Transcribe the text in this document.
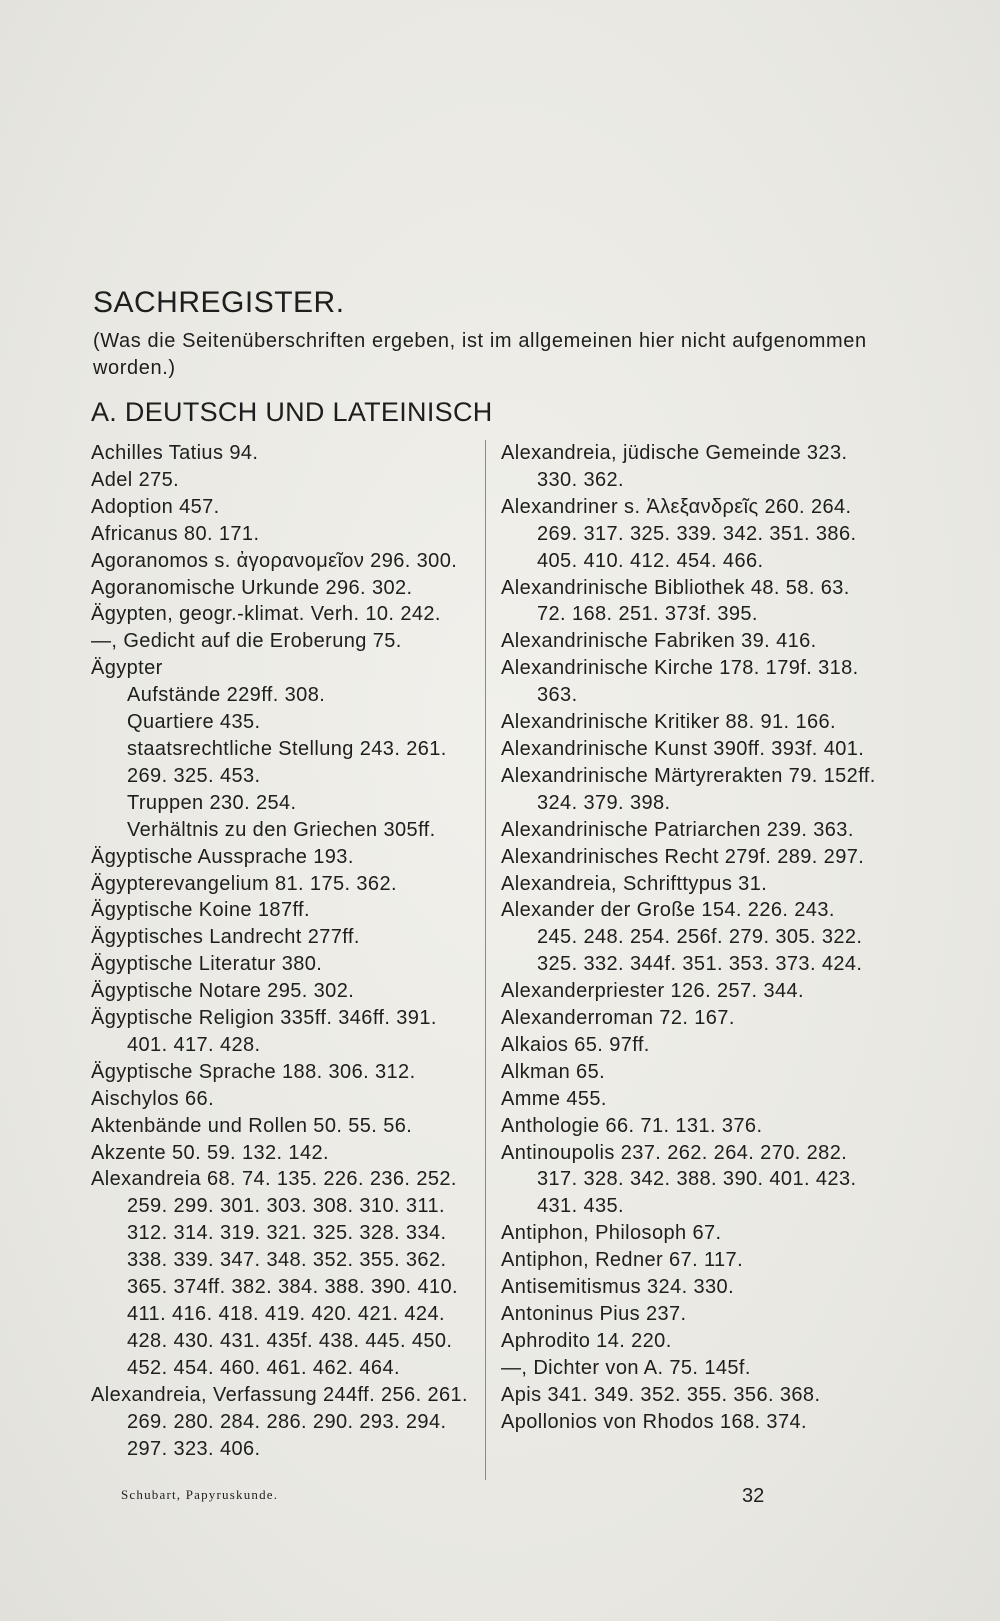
SACHREGISTER.

(Was die Seitenüberschriften ergeben, ist im allgemeinen hier nicht aufgenommen worden.)

A. DEUTSCH UND LATEINISCH
Achilles Tatius 94.
Adel 275.
Adoption 457.
Africanus 80. 171.
Agoranomos s. ἀγορανομεῖον 296. 300.
Agoranomische Urkunde 296. 302.
Ägypten, geogr.-klimat. Verh. 10. 242.
—, Gedicht auf die Eroberung 75.
Ägypter
Aufstände 229ff. 308.
Quartiere 435.
staatsrechtliche Stellung 243. 261.
269. 325. 453.
Truppen 230. 254.
Verhältnis zu den Griechen 305ff.
Ägyptische Aussprache 193.
Ägypterevangelium 81. 175. 362.
Ägyptische Koine 187ff.
Ägyptisches Landrecht 277ff.
Ägyptische Literatur 380.
Ägyptische Notare 295. 302.
Ägyptische Religion 335ff. 346ff. 391. 401. 417. 428.
Ägyptische Sprache 188. 306. 312.
Aischylos 66.
Aktenbände und Rollen 50. 55. 56.
Akzente 50. 59. 132. 142.
Alexandreia 68. 74. 135. 226. 236. 252. 259. 299. 301. 303. 308. 310. 311. 312. 314. 319. 321. 325. 328. 334. 338. 339. 347. 348. 352. 355. 362. 365. 374ff. 382. 384. 388. 390. 410. 411. 416. 418. 419. 420. 421. 424. 428. 430. 431. 435f. 438. 445. 450. 452. 454. 460. 461. 462. 464.
Alexandreia, Verfassung 244ff. 256. 261. 269. 280. 284. 286. 290. 293. 294. 297. 323. 406.
Alexandreia, jüdische Gemeinde 323. 330. 362.
Alexandriner s. Ἀλεξανδρεῖς 260. 264. 269. 317. 325. 339. 342. 351. 386. 405. 410. 412. 454. 466.
Alexandrinische Bibliothek 48. 58. 63. 72. 168. 251. 373f. 395.
Alexandrinische Fabriken 39. 416.
Alexandrinische Kirche 178. 179f. 318. 363.
Alexandrinische Kritiker 88. 91. 166.
Alexandrinische Kunst 390ff. 393f. 401.
Alexandrinische Märtyrerakten 79. 152ff. 324. 379. 398.
Alexandrinische Patriarchen 239. 363.
Alexandrinisches Recht 279f. 289. 297.
Alexandreia, Schrifttypus 31.
Alexander der Große 154. 226. 243. 245. 248. 254. 256f. 279. 305. 322. 325. 332. 344f. 351. 353. 373. 424.
Alexanderpriester 126. 257. 344.
Alexanderroman 72. 167.
Alkaios 65. 97ff.
Alkman 65.
Amme 455.
Anthologie 66. 71. 131. 376.
Antinoupolis 237. 262. 264. 270. 282. 317. 328. 342. 388. 390. 401. 423. 431. 435.
Antiphon, Philosoph 67.
Antiphon, Redner 67. 117.
Antisemitismus 324. 330.
Antoninus Pius 237.
Aphrodito 14. 220.
—, Dichter von A. 75. 145f.
Apis 341. 349. 352. 355. 356. 368.
Apollonios von Rhodos 168. 374.
Schubart, Papyruskunde.	32
